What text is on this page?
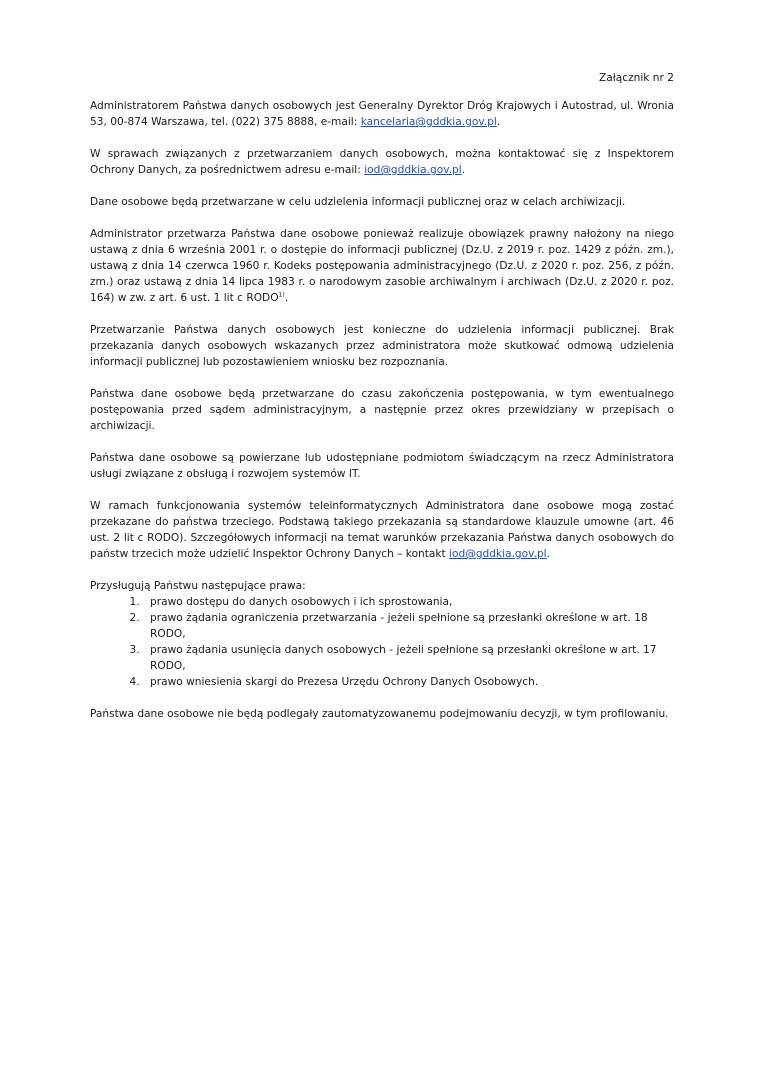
Załącznik nr 2

Administratorem Państwa danych osobowych jest Generalny Dyrektor Dróg Krajowych i Autostrad, ul. Wronia 53, 00-874 Warszawa, tel. (022) 375 8888, e-mail: kancelaria@gddkia.gov.pl.

W sprawach związanych z przetwarzaniem danych osobowych, można kontaktować się z Inspektorem Ochrony Danych, za pośrednictwem adresu e-mail: iod@gddkia.gov.pl.

Dane osobowe będą przetwarzane w celu udzielenia informacji publicznej oraz w celach archiwizacji.

Administrator przetwarza Państwa dane osobowe ponieważ realizuje obowiązek prawny nałożony na niego ustawą z dnia 6 września 2001 r. o dostępie do informacji publicznej (Dz.U. z 2019 r. poz. 1429 z późn. zm.), ustawą z dnia 14 czerwca 1960 r. Kodeks postępowania administracyjnego (Dz.U. z 2020 r. poz. 256, z późn. zm.) oraz ustawą z dnia 14 lipca 1983 r. o narodowym zasobie archiwalnym i archiwach (Dz.U. z 2020 r. poz. 164) w zw. z art. 6 ust. 1 lit c RODO$^{1)}$.

Przetwarzanie Państwa danych osobowych jest konieczne do udzielenia informacji publicznej. Brak przekazania danych osobowych wskazanych przez administratora może skutkować odmową udzielenia informacji publicznej lub pozostawieniem wniosku bez rozpoznania.

Państwa dane osobowe będą przetwarzane do czasu zakończenia postępowania, w tym ewentualnego postępowania przed sądem administracyjnym, a następnie przez okres przewidziany w przepisach o archiwizacji.

Państwa dane osobowe są powierzane lub udostępniane podmiotom świadczącym na rzecz Administratora usługi związane z obsługą i rozwojem systemów IT.

W ramach funkcjonowania systemów teleinformatycznych Administratora dane osobowe mogą zostać przekazane do państwa trzeciego. Podstawą takiego przekazania są standardowe klauzule umowne (art. 46 ust. 2 lit c RODO). Szczegółowych informacji na temat warunków przekazania Państwa danych osobowych do państw trzecich może udzielić Inspektor Ochrony Danych – kontakt iod@gddkia.gov.pl.

Przysługują Państwu następujące prawa:

1. prawo dostępu do danych osobowych i ich sprostowania,
2. prawo żądania ograniczenia przetwarzania - jeżeli spełnione są przesłanki określone w art. 18 RODO,
3. prawo żądania usunięcia danych osobowych - jeżeli spełnione są przesłanki określone w art. 17 RODO,
4. prawo wniesienia skargi do Prezesa Urzędu Ochrony Danych Osobowych.

Państwa dane osobowe nie będą podlegały zautomatyzowanemu podejmowaniu decyzji, w tym profilowaniu.
